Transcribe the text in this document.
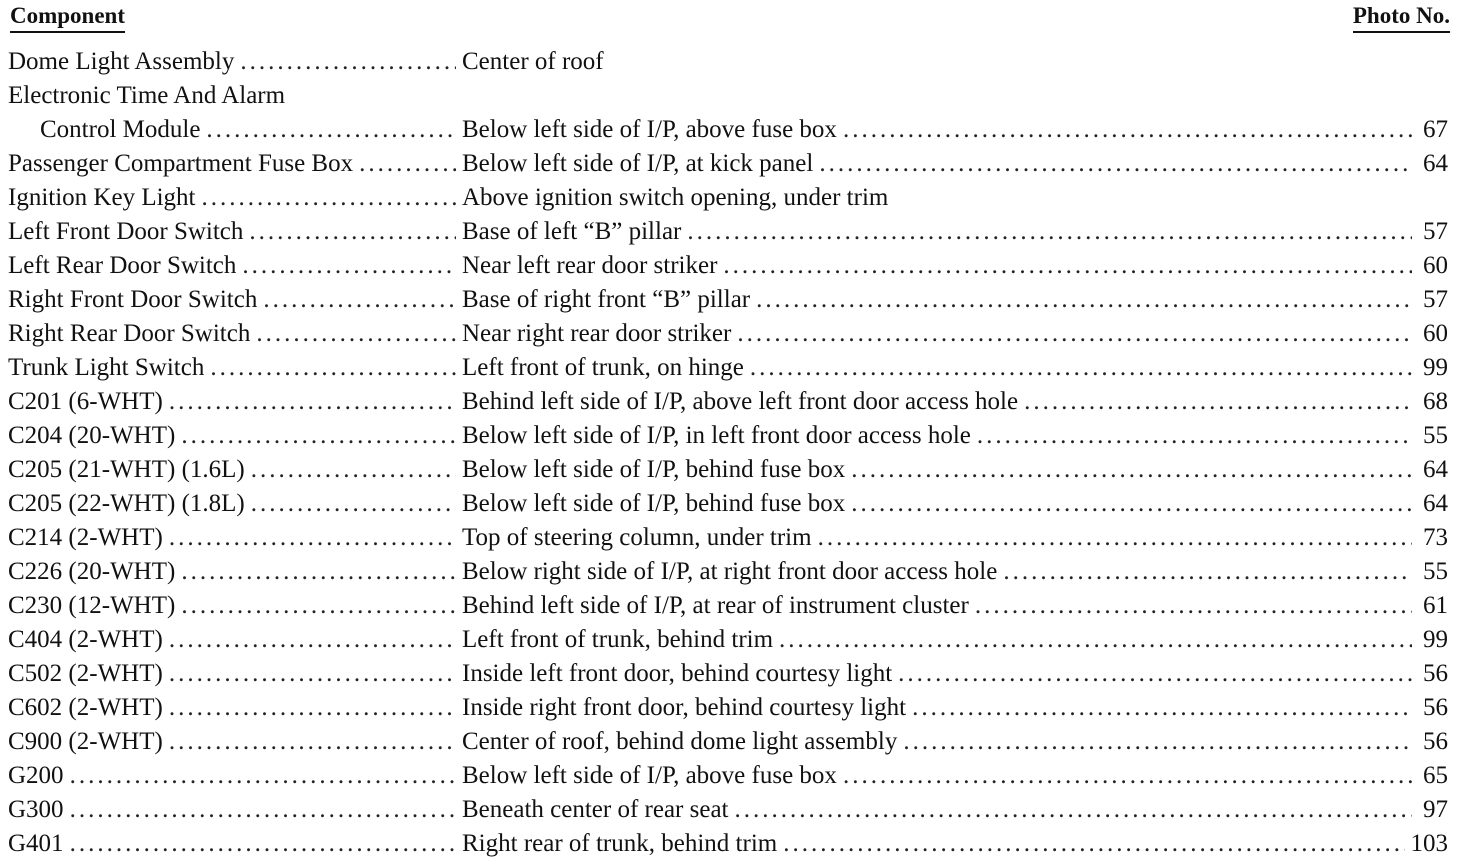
Component	Photo No.
Dome Light Assembly .....	Center of roof
Electronic Time And Alarm
Control Module .....	Below left side of I/P, above fuse box .....	67
Passenger Compartment Fuse Box .....	Below left side of I/P, at kick panel .....	64
Ignition Key Light .....	Above ignition switch opening, under trim
Left Front Door Switch .....	Base of left “B” pillar .....	57
Left Rear Door Switch .....	Near left rear door striker .....	60
Right Front Door Switch .....	Base of right front “B” pillar .....	57
Right Rear Door Switch .....	Near right rear door striker .....	60
Trunk Light Switch .....	Left front of trunk, on hinge .....	99
C201 (6-WHT) .....	Behind left side of I/P, above left front door access hole .....	68
C204 (20-WHT) .....	Below left side of I/P, in left front door access hole .....	55
C205 (21-WHT) (1.6L) .....	Below left side of I/P, behind fuse box .....	64
C205 (22-WHT) (1.8L) .....	Below left side of I/P, behind fuse box .....	64
C214 (2-WHT) .....	Top of steering column, under trim .....	73
C226 (20-WHT) .....	Below right side of I/P, at right front door access hole .....	55
C230 (12-WHT) .....	Behind left side of I/P, at rear of instrument cluster .....	61
C404 (2-WHT) .....	Left front of trunk, behind trim .....	99
C502 (2-WHT) .....	Inside left front door, behind courtesy light .....	56
C602 (2-WHT) .....	Inside right front door, behind courtesy light .....	56
C900 (2-WHT) .....	Center of roof, behind dome light assembly .....	56
G200 .....	Below left side of I/P, above fuse box .....	65
G300 .....	Beneath center of rear seat .....	97
G401 .....	Right rear of trunk, behind trim .....	103
